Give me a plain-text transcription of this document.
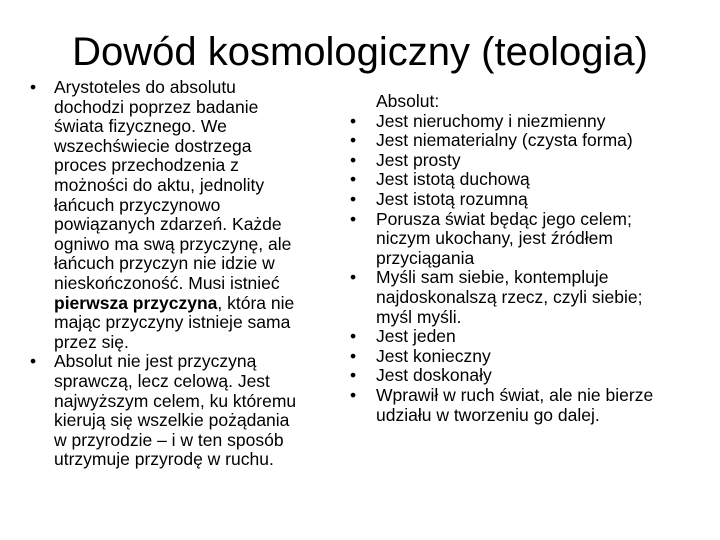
Dowód kosmologiczny (teologia)
•	Arystoteles do absolutu
dochodzi poprzez badanie
świata fizycznego. We
wszechświecie dostrzega
proces przechodzenia z
możności do aktu, jednolity
łańcuch przyczynowo
powiązanych zdarzeń. Każde
ogniwo ma swą przyczynę, ale
łańcuch przyczyn nie idzie w
nieskończoność. Musi istnieć
pierwsza przyczyna, która nie
mając przyczyny istnieje sama
przez się.
•	Absolut nie jest przyczyną
sprawczą, lecz celową. Jest
najwyższym celem, ku któremu
kierują się wszelkie pożądania
w przyrodzie – i w ten sposób
utrzymuje przyrodę w ruchu.
Absolut:
•	Jest nieruchomy i niezmienny
•	Jest niematerialny (czysta forma)
•	Jest prosty
•	Jest istotą duchową
•	Jest istotą rozumną
•	Porusza świat będąc jego celem;
niczym ukochany, jest źródłem
przyciągania
•	Myśli sam siebie, kontempluje
najdoskonalszą rzecz, czyli siebie;
myśl myśli.
•	Jest jeden
•	Jest konieczny
•	Jest doskonały
•	Wprawił w ruch świat, ale nie bierze
udziału w tworzeniu go dalej.
